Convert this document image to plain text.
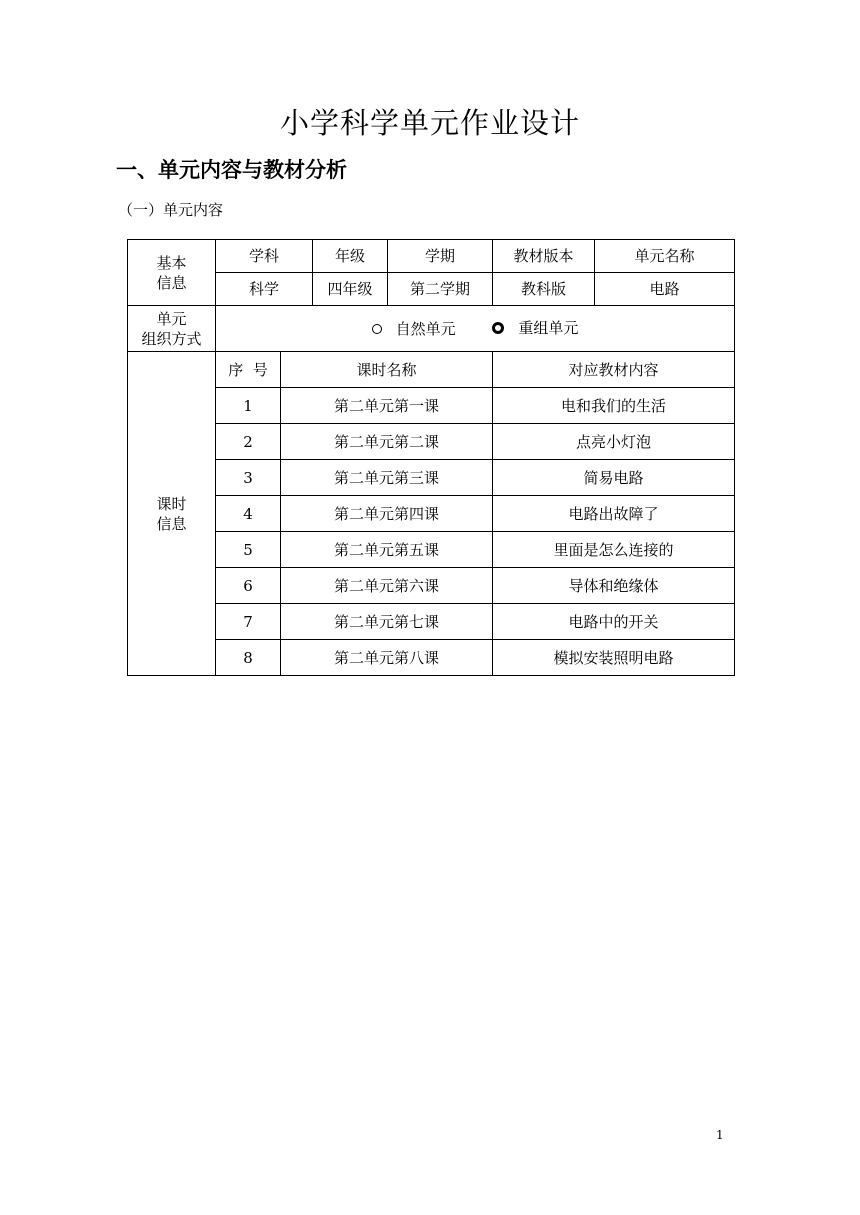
小学科学单元作业设计
一、单元内容与教材分析
（一）单元内容
基本
信息	学科		年级	学期	教材版本	单元名称
	科学		四年级	第二学期	教科版	电路
单元
组织方式	自然单元
重组单元					

课时
信息	序  号	课时名称			对应教材内容	
	1	第二单元第一课			电和我们的生活	
	2	第二单元第二课			点亮小灯泡	
	3	第二单元第三课			简易电路	
	4	第二单元第四课			电路出故障了	
	5	第二单元第五课			里面是怎么连接的	
	6	第二单元第六课			导体和绝缘体	
	7	第二单元第七课			电路中的开关	
	8	第二单元第八课			模拟安装照明电路	
1
